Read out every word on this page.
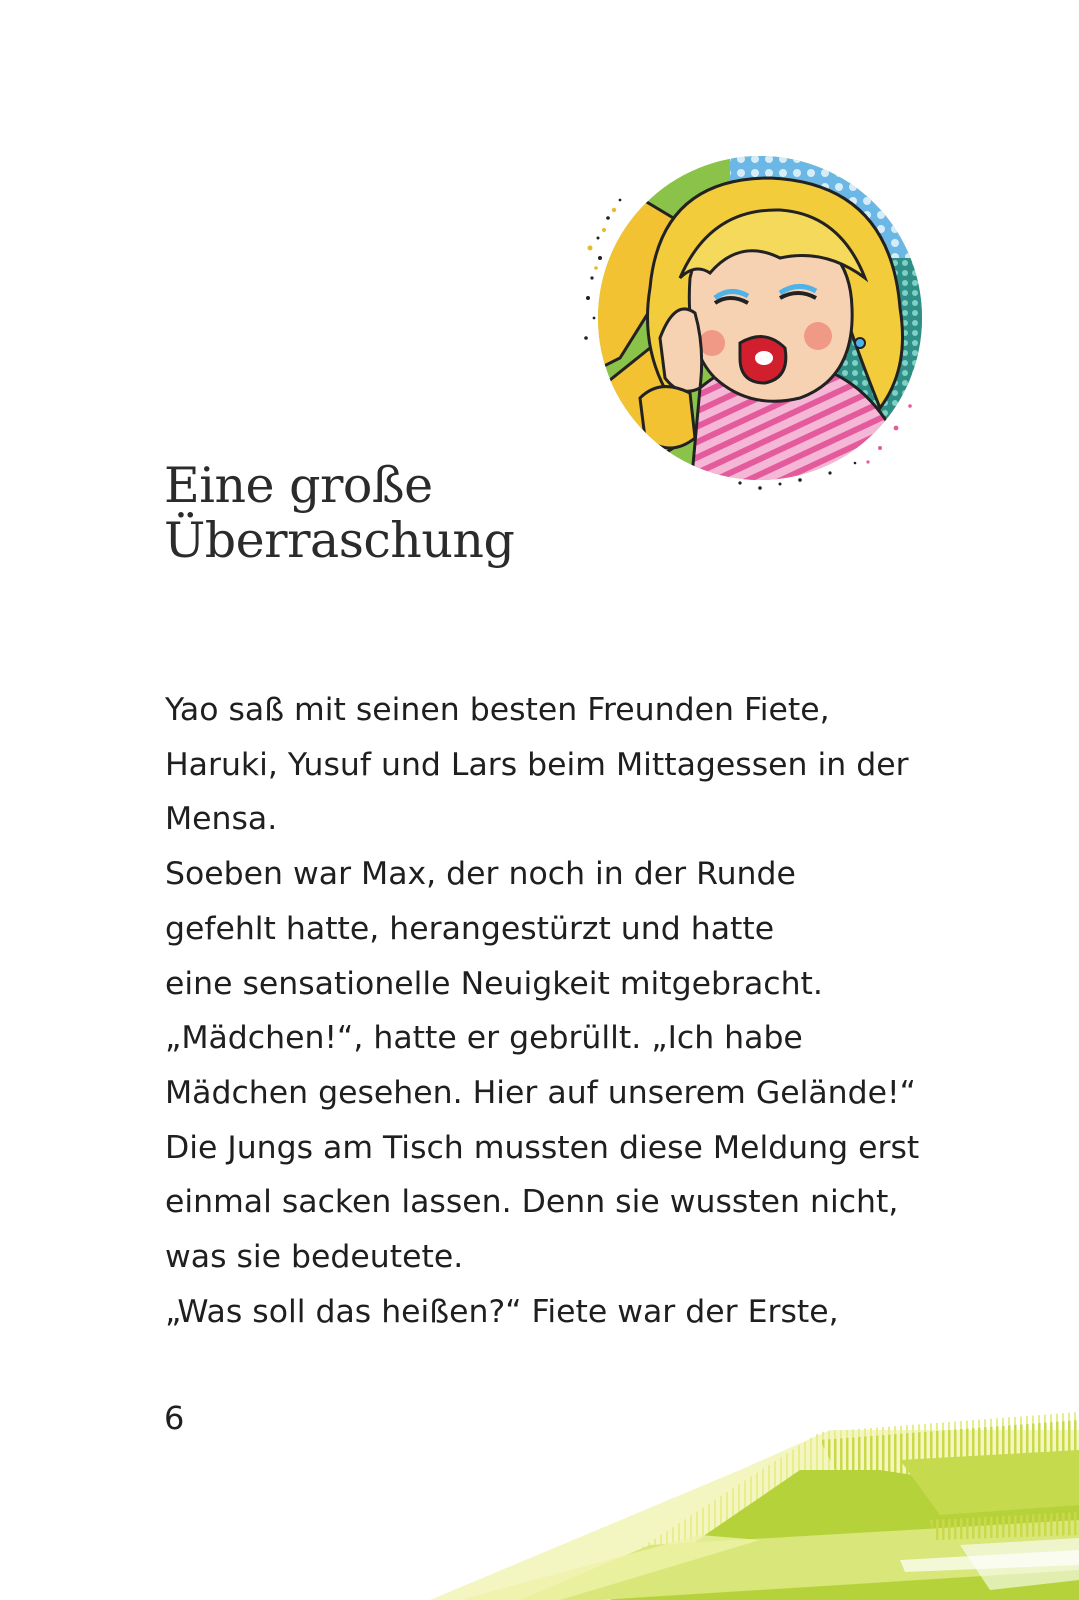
Eine große
Überraschung
Yao saß mit seinen besten Freunden Fiete,
Haruki, Yusuf und Lars beim Mittagessen in der
Mensa.
Soeben war Max, der noch in der Runde
gefehlt hatte, herangestürzt und hatte
eine sensationelle Neuigkeit mitgebracht.
„Mädchen!“, hatte er gebrüllt. „Ich habe
Mädchen gesehen. Hier auf unserem Gelände!“
Die Jungs am Tisch mussten diese Meldung erst
einmal sacken lassen. Denn sie wussten nicht,
was sie bedeutete.
„Was soll das heißen?“ Fiete war der Erste,

6
